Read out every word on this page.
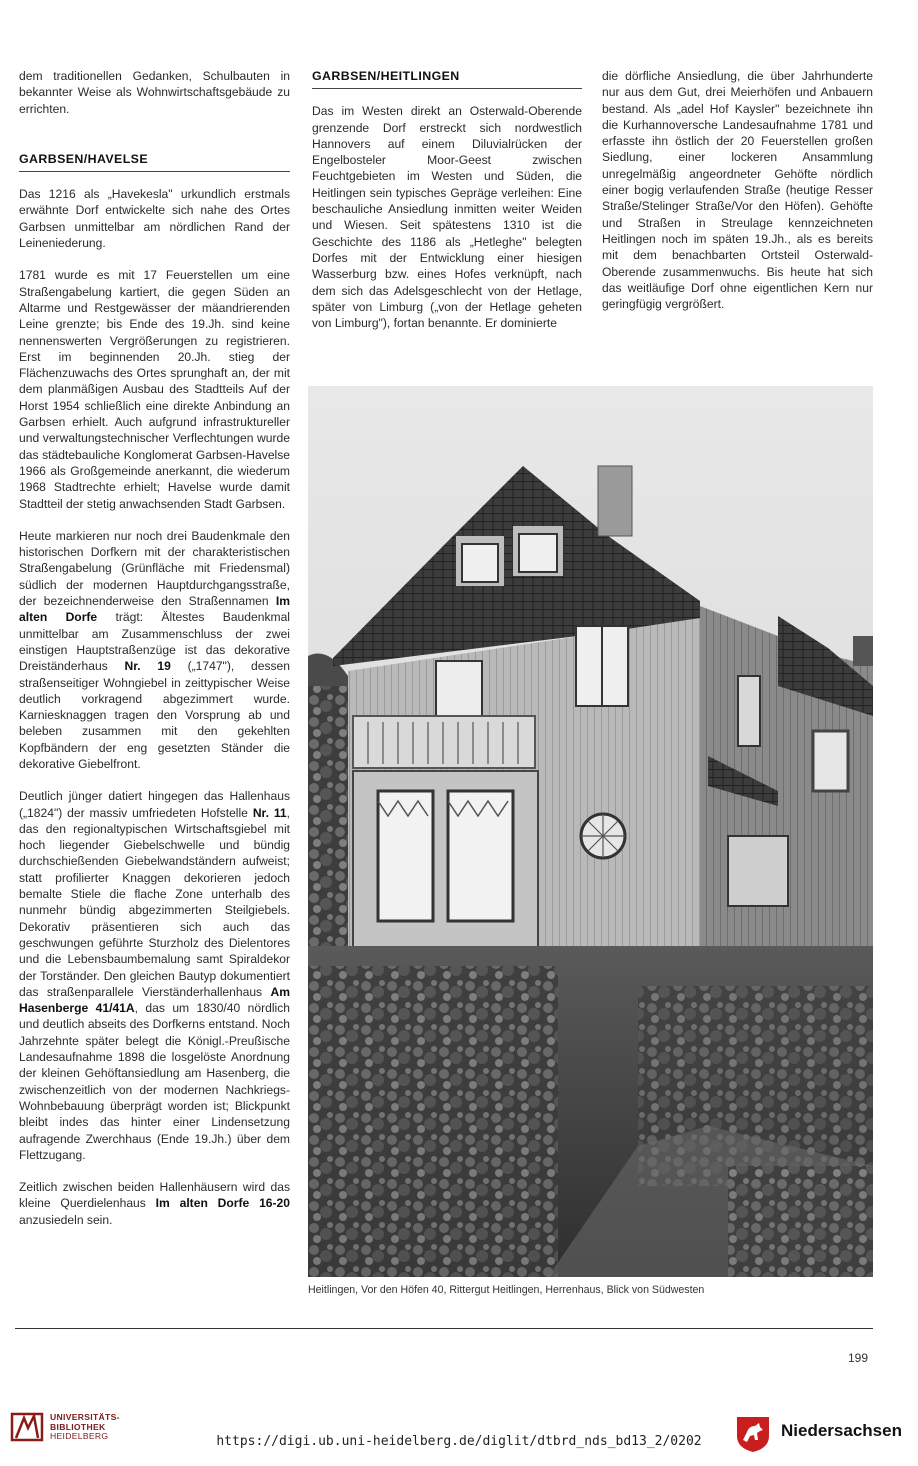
dem traditionellen Gedanken, Schulbauten in bekannter Weise als Wohnwirtschaftsgebäude zu errichten.

GARBSEN/HAVELSE

Das 1216 als „Havekesla" urkundlich erstmals erwähnte Dorf entwickelte sich nahe des Ortes Garbsen unmittelbar am nördlichen Rand der Leineniederung.

1781 wurde es mit 17 Feuerstellen um eine Straßengabelung kartiert, die gegen Süden an Altarme und Restgewässer der mäandrierenden Leine grenzte; bis Ende des 19.Jh. sind keine nennenswerten Vergrößerungen zu registrieren. Erst im beginnenden 20.Jh. stieg der Flächenzuwachs des Ortes sprunghaft an, der mit dem planmäßigen Ausbau des Stadtteils Auf der Horst 1954 schließlich eine direkte Anbindung an Garbsen erhielt. Auch aufgrund infrastruktureller und verwaltungstechnischer Verflechtungen wurde das städtebauliche Konglomerat Garbsen-Havelse 1966 als Großgemeinde anerkannt, die wiederum 1968 Stadtrechte erhielt; Havelse wurde damit Stadtteil der stetig anwachsenden Stadt Garbsen.

Heute markieren nur noch drei Baudenkmale den historischen Dorfkern mit der charakteristischen Straßengabelung (Grünfläche mit Friedensmal) südlich der modernen Hauptdurchgangsstraße, der bezeichnenderweise den Straßennamen Im alten Dorfe trägt: Ältestes Baudenkmal unmittelbar am Zusammenschluss der zwei einstigen Hauptstraßenzüge ist das dekorative Dreiständerhaus Nr. 19 („1747"), dessen straßenseitiger Wohngiebel in zeittypischer Weise deutlich vorkragend abgezimmert wurde. Karniesknaggen tragen den Vorsprung ab und beleben zusammen mit den gekehlten Kopfbändern der eng gesetzten Ständer die dekorative Giebelfront.

Deutlich jünger datiert hingegen das Hallenhaus („1824") der massiv umfriedeten Hofstelle Nr. 11, das den regionaltypischen Wirtschaftsgiebel mit hoch liegender Giebelschwelle und bündig durchschießenden Giebelwandständern aufweist; statt profilierter Knaggen dekorieren jedoch bemalte Stiele die flache Zone unterhalb des nunmehr bündig abgezimmerten Steilgiebels. Dekorativ präsentieren sich auch das geschwungen geführte Sturzholz des Dielentores und die Lebensbaumbemalung samt Spiraldekor der Torständer. Den gleichen Bautyp dokumentiert das straßenparallele Vierständerhallenhaus Am Hasenberge 41/41A, das um 1830/40 nördlich und deutlich abseits des Dorfkerns entstand. Noch Jahrzehnte später belegt die Königl.-Preußische Landesaufnahme 1898 die losgelöste Anordnung der kleinen Gehöftansiedlung am Hasenberg, die zwischenzeitlich von der modernen Nachkriegs-Wohnbebauung überprägt worden ist; Blickpunkt bleibt indes das hinter einer Lindensetzung aufragende Zwerchhaus (Ende 19.Jh.) über dem Flettzugang.

Zeitlich zwischen beiden Hallenhäusern wird das kleine Querdielenhaus Im alten Dorfe 16-20 anzusiedeln sein.

GARBSEN/HEITLINGEN

Das im Westen direkt an Osterwald-Oberende grenzende Dorf erstreckt sich nordwestlich Hannovers auf einem Diluvialrücken der Engelbosteler Moor-Geest zwischen Feuchtgebieten im Westen und Süden, die Heitlingen sein typisches Gepräge verleihen: Eine beschauliche Ansiedlung inmitten weiter Weiden und Wiesen. Seit spätestens 1310 ist die Geschichte des 1186 als „Hetleghe" belegten Dorfes mit der Entwicklung einer hiesigen Wasserburg bzw. eines Hofes verknüpft, nach dem sich das Adelsgeschlecht von der Hetlage, später von Limburg („von der Hetlage geheten von Limburg"), fortan benannte. Er dominierte

die dörfliche Ansiedlung, die über Jahrhunderte nur aus dem Gut, drei Meierhöfen und Anbauern bestand. Als „adel Hof Kaysler" bezeichnete ihn die Kurhannoversche Landesaufnahme 1781 und erfasste ihn östlich der 20 Feuerstellen großen Siedlung, einer lockeren Ansammlung unregelmäßig angeordneter Gehöfte nördlich einer bogig verlaufenden Straße (heutige Resser Straße/Stelinger Straße/Vor den Höfen). Gehöfte und Straßen in Streulage kennzeichneten Heitlingen noch im späten 19.Jh., als es bereits mit dem benachbarten Ortsteil Osterwald-Oberende zusammenwuchs. Bis heute hat sich das weitläufige Dorf ohne eigentlichen Kern nur geringfügig vergrößert.

Heitlingen, Vor den Höfen 40, Rittergut Heitlingen, Herrenhaus, Blick von Südwesten
199
UNIVERSITÄTS-
BIBLIOTHEK
HEIDELBERG	https://digi.ub.uni-heidelberg.de/diglit/dtbrd_nds_bd13_2/0202
Niedersachsen
